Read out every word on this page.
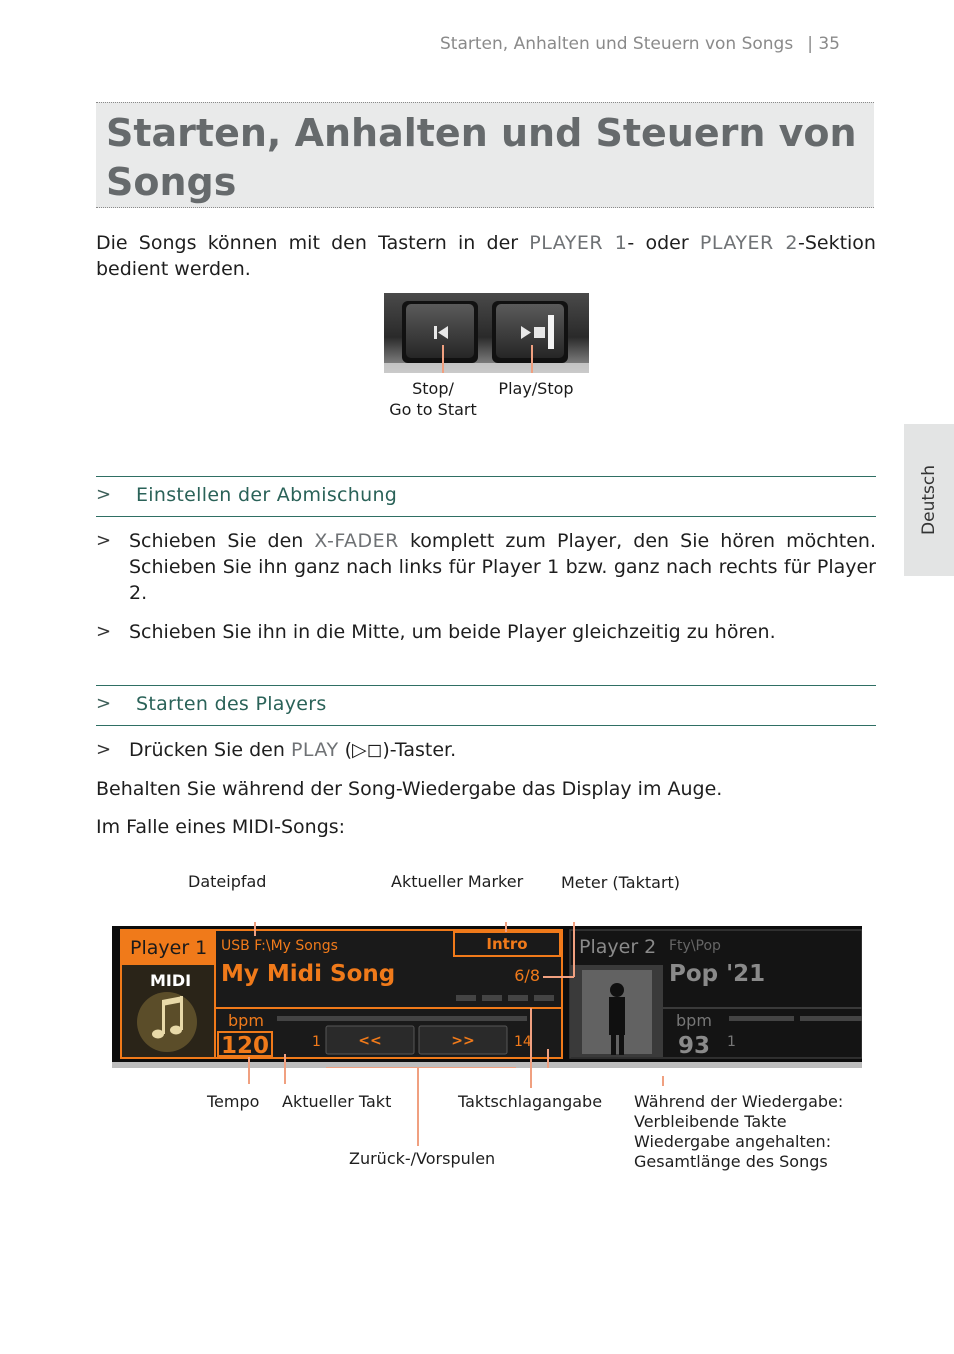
Starten, Anhalten und Steuern von Songs | 35
Starten, Anhalten und Steuern von
Songs
Deutsch
Die Songs können mit den Tastern in der PLAYER 1- oder PLAYER 2-Sektion bedient werden.
Stop/
Go to Start
Play/Stop
> Einstellen der Abmischung
> Schieben Sie den X-FADER komplett zum Player, den Sie hören möchten. Schieben Sie ihn ganz nach links für Player 1 bzw. ganz nach rechts für Player 2.
> Schieben Sie ihn in die Mitte, um beide Player gleichzeitig zu hören.
> Starten des Players
> Drücken Sie den PLAY (▷◻)-Taster.
Behalten Sie während der Song-Wiedergabe das Display im Auge.
Im Falle eines MIDI-Songs:
Dateipfad	Aktueller Marker Meter (Taktart)
Player 1
MIDI
USB F:\My Songs	Intro
My Midi Song	6/8
bpm
120	1	<<	>>	14
Player 2 Fty\Pop
Pop '21
bpm
93 1
Tempo Aktueller Takt	Taktschlagangabe
Zurück-/Vorspulen
Während der Wiedergabe:
Verbleibende Takte
Wiedergabe angehalten:
Gesamtlänge des Songs
